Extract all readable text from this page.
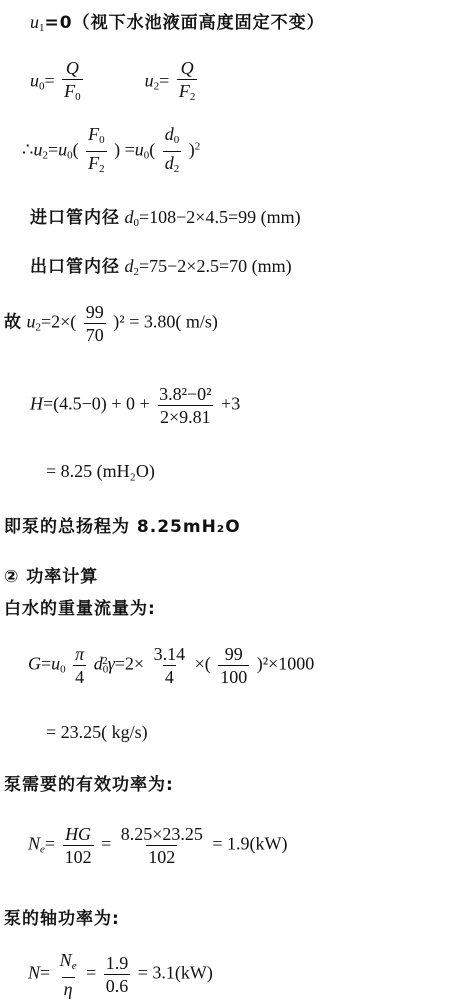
$u_1=0$（视下水池液面高度固定不变）
$u_0= \frac{Q}{F_0}$	$u_2= \frac{Q}{F_2}$
$\therefore u_2=u_0( \frac{F_0}{F_2}$ ) $=u_0( \frac{d_0}{d_2} )^2$
进口管内径 $d_0=108-2\times 4.5=99$ (mm)
出口管内径 $d_2=75-2\times 2.5=70$ (mm)
故 $u_2=2\times( \frac{99}{70} )^2 = 3.80$( m/s)
$H=(4.5-0) + 0 + \frac{\text{3.8²−0²}}{2\times 9.81} +3$
= 8.25 (mH₂O)
即泵的总扬程为 8.25mH₂O
② 功率计算
白水的重量流量为:
$G=u_0 \frac{\pi}{4} d_0^2\gamma=2\times \frac{3.14}{4}$ ×( $\frac{99}{100} )^2\times 1000$
= 23.25( kg/s)
泵需要的有效功率为:
$N_e= \frac{HG}{102} = \frac{8.25\times 23.25}{102} = 1.9(kW)$
泵的轴功率为:
$N= \frac{N_e}{\eta} = \frac{1.9}{0.6} = 3.1(kW)$
